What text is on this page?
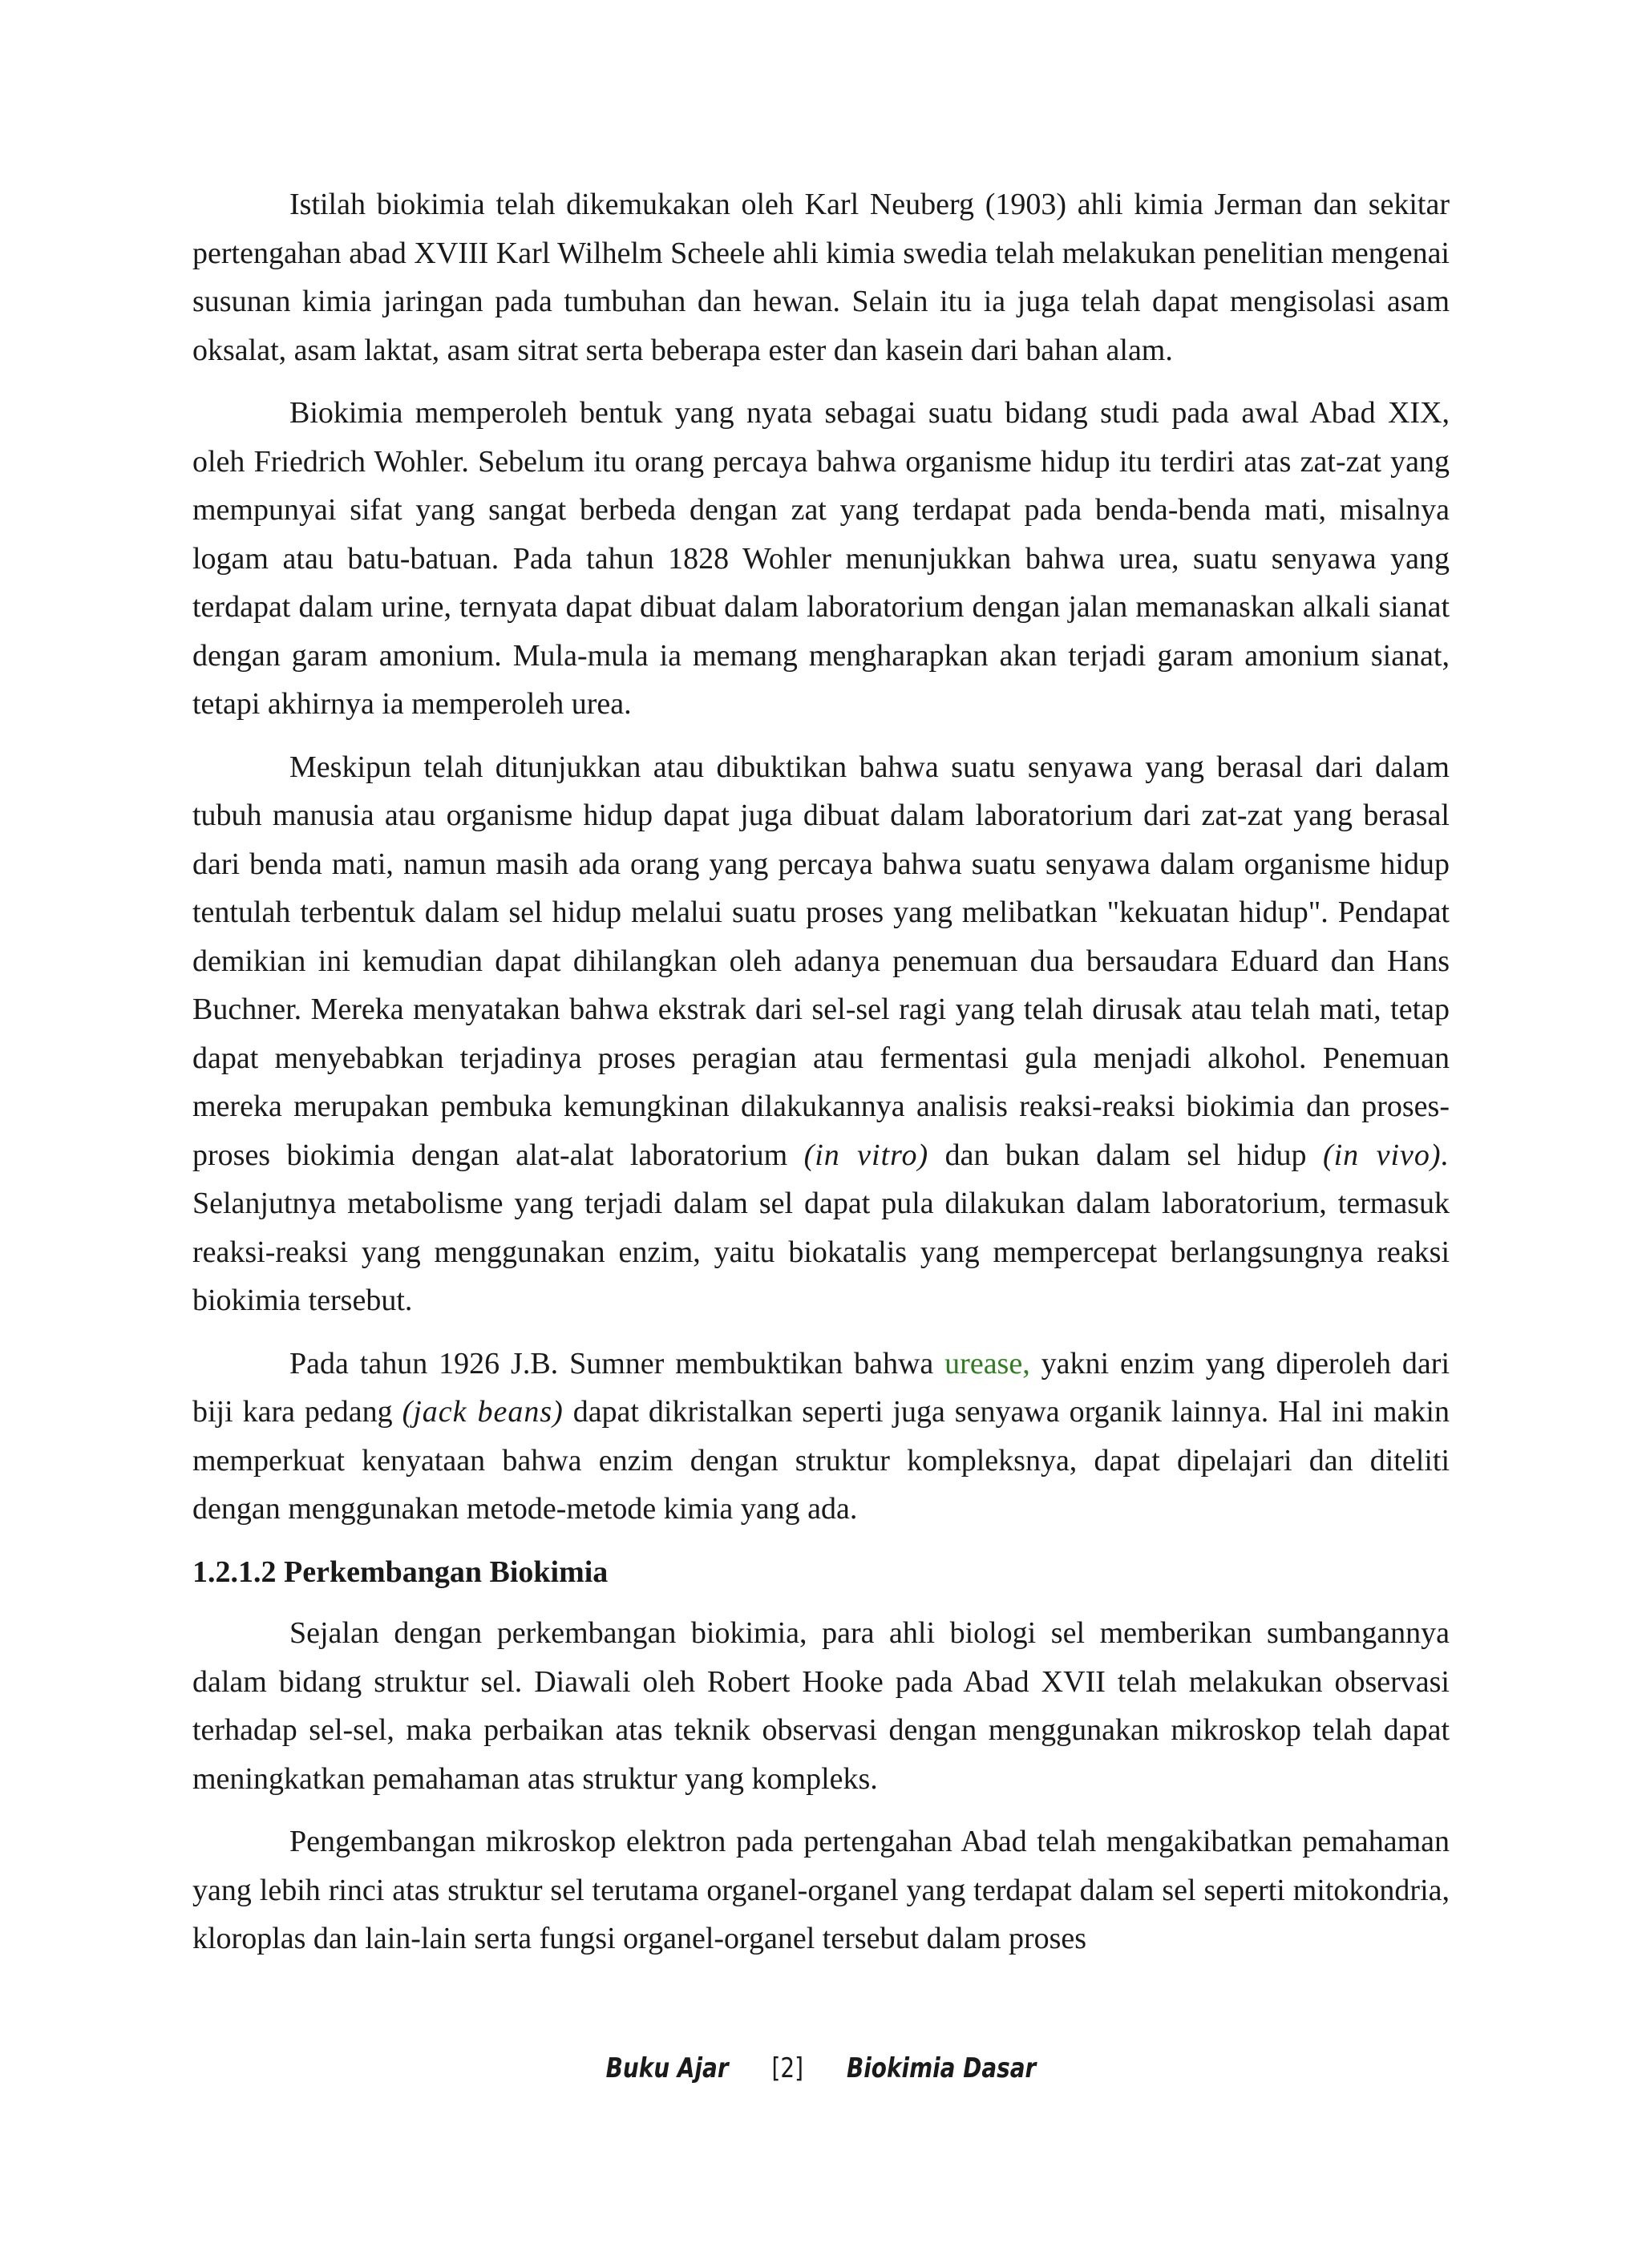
Istilah biokimia telah dikemukakan oleh Karl Neuberg (1903) ahli kimia Jerman dan sekitar pertengahan abad XVIII Karl Wilhelm Scheele ahli kimia swedia telah melakukan penelitian mengenai susunan kimia jaringan pada tumbuhan dan hewan. Selain itu ia juga telah dapat mengisolasi asam oksalat, asam laktat, asam sitrat serta beberapa ester dan kasein dari bahan alam.

Biokimia memperoleh bentuk yang nyata sebagai suatu bidang studi pada awal Abad XIX, oleh Friedrich Wohler. Sebelum itu orang percaya bahwa organisme hidup itu terdiri atas zat-zat yang mempunyai sifat yang sangat berbeda dengan zat yang terdapat pada benda-benda mati, misalnya logam atau batu-batuan. Pada tahun 1828 Wohler menunjukkan bahwa urea, suatu senyawa yang terdapat dalam urine, ternyata dapat dibuat dalam laboratorium dengan jalan memanaskan alkali sianat dengan garam amonium. Mula-mula ia memang mengharapkan akan terjadi garam amonium sianat, tetapi akhirnya ia memperoleh urea.

Meskipun telah ditunjukkan atau dibuktikan bahwa suatu senyawa yang berasal dari dalam tubuh manusia atau organisme hidup dapat juga dibuat dalam laboratorium dari zat-zat yang berasal dari benda mati, namun masih ada orang yang percaya bahwa suatu senyawa dalam organisme hidup tentulah terbentuk dalam sel hidup melalui suatu proses yang melibatkan "kekuatan hidup". Pendapat demikian ini kemudian dapat dihilangkan oleh adanya penemuan dua bersaudara Eduard dan Hans Buchner. Mereka menyatakan bahwa ekstrak dari sel-sel ragi yang telah dirusak atau telah mati, tetap dapat menyebabkan terjadinya proses peragian atau fermentasi gula menjadi alkohol. Penemuan mereka merupakan pembuka kemungkinan dilakukannya analisis reaksi-reaksi biokimia dan proses-proses biokimia dengan alat-alat laboratorium (in vitro) dan bukan dalam sel hidup (in vivo). Selanjutnya metabolisme yang terjadi dalam sel dapat pula dilakukan dalam laboratorium, termasuk reaksi-reaksi yang menggunakan enzim, yaitu biokatalis yang mempercepat berlangsungnya reaksi biokimia tersebut.

Pada tahun 1926 J.B. Sumner membuktikan bahwa urease, yakni enzim yang diperoleh dari biji kara pedang (jack beans) dapat dikristalkan seperti juga senyawa organik lainnya. Hal ini makin memperkuat kenyataan bahwa enzim dengan struktur kompleksnya, dapat dipelajari dan diteliti dengan menggunakan metode-metode kimia yang ada.

1.2.1.2 Perkembangan Biokimia

Sejalan dengan perkembangan biokimia, para ahli biologi sel memberikan sumbangannya dalam bidang struktur sel. Diawali oleh Robert Hooke pada Abad XVII telah melakukan observasi terhadap sel-sel, maka perbaikan atas teknik observasi dengan menggunakan mikroskop telah dapat meningkatkan pemahaman atas struktur yang kompleks.

Pengembangan mikroskop elektron pada pertengahan Abad telah mengakibatkan pemahaman yang lebih rinci atas struktur sel terutama organel-organel yang terdapat dalam sel seperti mitokondria, kloroplas dan lain-lain serta fungsi organel-organel tersebut dalam proses

Buku Ajar [2] Biokimia Dasar
